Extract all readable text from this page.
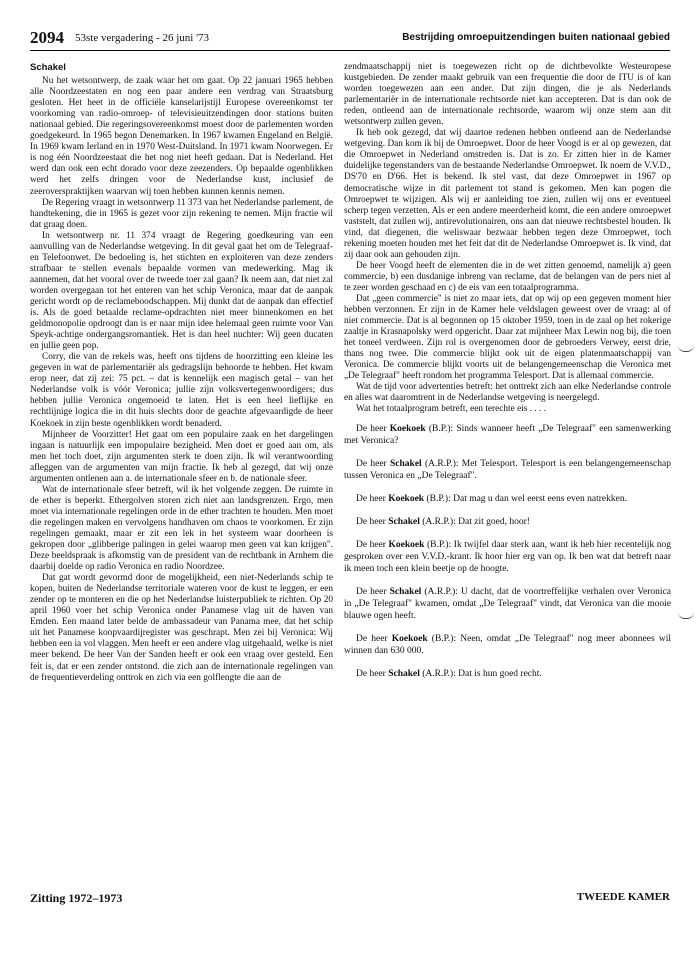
2094 53ste vergadering - 26 juni '73	Bestrijding omroepuitzendingen buiten nationaal gebied
Schakel

Nu het wetsontwerp, de zaak waar het om gaat. Op 22 januari 1965 hebben alle Noordzeestaten en nog een paar andere een verdrag van Straatsburg gesloten. Het heet in de officiële kanselarijstijl Europese overeenkomst ter voorkoming van radio-omroep- of televisieuitzendingen door stations buiten nationaal gebied. Die regeringsovereenkomst moest door de parlementen worden goedgekeurd. In 1965 begon Denemarken. In 1967 kwamen Engeland en België. In 1969 kwam Ierland en in 1970 West-Duitsland. In 1971 kwam Noorwegen. Er is nog één Noordzeestaat die het nog niet heeft gedaan. Dat is Nederland. Het werd dan ook een echt dorado voor deze zeezenders. Op bepaalde ogenblikken werd het zelfs dringen voor de Nederlandse kust, inclusief de zeeroverspraktijken waarvan wij toen hebben kunnen kennis nemen.

De Regering vraagt in wetsontwerp 11 373 van het Nederlandse parlement, de handtekening, die in 1965 is gezet voor zijn rekening te nemen. Mijn fractie wil dat graag doen.

In wetsontwerp nr. 11 374 vraagt de Regering goedkeuring van een aanvulling van de Nederlandse wetgeving. In dit geval gaat het om de Telegraaf- en Telefoonwet. De bedoeling is, het stichten en exploiteren van deze zenders strafbaar te stellen evenals bepaalde vormen van medewerking. Mag ik aannemen, dat het vooral over de tweede toer zal gaan? Ik neem aan, dat niet zal worden overgegaan tot het enteren van het schip Veronica, maar dat de aanpak gericht wordt op de reclameboodschappen. Mij dunkt dat de aanpak dan effectief is. Als de goed betaalde reclame-opdrachten niet meer binnenkomen en het geldmonopolie opdroogt dan is er naar mijn idee helemaal geen ruimte voor Van Speyk-achtige ondergangsromantiek. Het is dan heel nuchter: Wij geen ducaten en jullie geen pop.

Corry, die van de rekels was, heeft ons tijdens de hoorzitting een kleine les gegeven in wat de parlementariër als gedragslijn behoorde te hebben. Het kwam erop neer, dat zij zei: 75 pct. – dat is kennelijk een magisch getal – van het Nederlandse volk is vóór Veronica; jullie zijn volksvertegenwoordigers; dus hebben jullie Veronica ongemoeid te laten. Het is een heel lieflijke en rechtlijnige logica die in dit huis slechts door de geachte afgevaardigde de heer Koekoek in zijn beste ogenblikken wordt benaderd.

Mijnheer de Voorzitter! Het gaat om een populaire zaak en het dargelingen ingaan is natuurlijk een impopulaire bezigheid. Men doet er goed aan om, als men het toch doet, zijn argumenten sterk te doen zijn. Ik wil verantwoording afleggen van de argumenten van mijn fractie. Ik heb al gezegd, dat wij onze argumenten ontlenen aan a. de internationale sfeer en b. de nationale sfeer.

Wat de internationale sfeer betreft, wil ik het volgende zeggen. De ruimte in de ether is beperkt. Ethergolven storen zich niet aan landsgrenzen. Ergo, men moet via internationale regelingen orde in de ether trachten te houden. Men moet die regelingen maken en vervolgens handhaven om chaos te voorkomen. Er zijn regelingen gemaakt, maar er zit een lek in het systeem waar doorheen is gekropen door „glibberige palingen in gelei waarop men geen vat kan krijgen". Deze beeldspraak is afkomstig van de president van de rechtbank in Arnhem die daarbij doelde op radio Veronica en radio Noordzee.

Dat gat wordt gevormd door de mogelijkheid, een niet-Nederlands schip te kopen, buiten de Nederlandse territoriale wateren voor de kust te leggen, er een zender op te monteren en die op het Nederlandse luisterpubliek te richten. Op 20 april 1960 voer het schip Veronica onder Panamese vlag uit de haven van Emden. Een maand later belde de ambassadeur van Panama mee, dat het schip uit het Panamese koopvaardijregister was geschrapt. Men zei bij Veronica: Wij hebben een ia vol vlaggen. Men heeft er een andere vlag uitgehaald, welke is niet meer bekend. De heer Van der Sanden heeft er ook een vraag over gesteld. Een feit is, dat er een zender ontstond. die zich aan de internationale regelingen van de frequentieverdeling onttrok en zich via een golflengte die aan de

zendmaatschappij niet is toegewezen richt op de dichtbevolkte Westeuropese kustgebieden. De zender maakt gebruik van een frequentie die door de ITU is of kan worden toegewezen aan een ander. Dat zijn dingen, die je als Nederlands parlementariër in de internationale rechtsorde niet kan accepteren. Dat is dan ook de reden, ontleend aan de internationale rechtsorde, waarom wij onze stem aan dit wetsontwerp zullen geven.

Ik heb ook gezegd, dat wij daartoe redenen hebben ontleend aan de Nederlandse wetgeving. Dan kom ik bij de Omroepwet. Door de heer Voogd is er al op gewezen, dat die Omroepwet in Nederland omstreden is. Dat is zo. Er zitten hier in de Kamer duidelijke tegenstanders van de bestaande Nederlandse Omroepwet. Ik noem de V.V.D., DS'70 en D'66. Het is bekend. Ik stel vast, dat deze Omroepwet in 1967 op democratische wijze in dit parlement tot stand is gekomen. Men kan pogen die Omroepwet te wijzigen. Als wij er aanleiding toe zien, zullen wij ons er eventueel scherp tegen verzetten. Als er een andere meerderheid komt, die een andere omroepwet vaststelt, dat zullen wij, antirevolutionairen, ons aan dat nieuwe rechtsbestel houden. Ik vind, dat diegenen, die weliswaar bezwaar hebben tegen deze Omroepwet, toch rekening moeten houden met het feit dat dit de Nederlandse Omroepwet is. Ik vind, dat zij daar ook aan gehouden zijn.

De heer Voogd heeft de elementen die in de wet zitten genoemd, namelijk a) geen commercie, b) een dusdanige inbreng van reclame, dat de belangen van de pers niet al te zeer worden geschaad en c) de eis van een totaalprogramma.

Dat „geen commercie" is niet zo maar iets, dat op wij op een gegeven moment hier hebben verzonnen. Er zijn in de Kamer hele veldslagen geweest over de vraag: al of niet commercie. Dat is al begonnen op 15 oktober 1959, toen in de zaal op het rokerige zaaltje in Krasnapolsky werd opgericht. Daar zat mijnheer Max Lewin nog bij, die toen het toneel verdween. Zijn rol is overgenomen door de gebroeders Verwey, eerst drie, thans nog twee. Die commercie blijkt ook uit de eigen platenmaatschappij van Veronica. De commercie blijkt voorts uit de belangengemeenschap die Veronica met „De Telegraaf" heeft rondom het programma Telesport. Dat is allemaal commercie.

Wat de tijd voor advertenties betreft: het onttrekt zich aan elke Nederlandse controle en alles wat daaromtrent in de Nederlandse wetgeving is neergelegd.

Wat het totaalprogram betreft, een terechte eis . . . .

De heer Koekoek (B.P.): Sinds wanneer heeft „De Telegraaf" een samenwerking met Veronica?

De heer Schakel (A.R.P.): Met Telesport. Telesport is een belangengemeenschap tussen Veronica en „De Telegraaf".

De heer Koekoek (B.P.): Dat mag u dan wel eerst eens even natrekken.

De heer Schakel (A.R.P.): Dat zit goed, hoor!

De heer Koekoek (B.P.): Ik twijfel daar sterk aan, want ik heb hier recentelijk nog gesproken over een V.V.D.-krant. Ik hoor hier erg van op. Ik ben wat dat betreft naar ik meen toch een klein beetje op de hoogte.

De heer Schakel (A.R.P.): U dacht, dat de voortreffelijke verhalen over Veronica in „De Telegraaf" kwamen, omdat „De Telegraaf" vindt, dat Veronica van die mooie blauwe ogen heeft.

De heer Koekoek (B.P.): Neen, omdat „De Telegraaf" nog meer abonnees wil winnen dan 630 000.

De heer Schakel (A.R.P.): Dat is hun goed recht.

Zitting 1972–1973	TWEEDE KAMER
